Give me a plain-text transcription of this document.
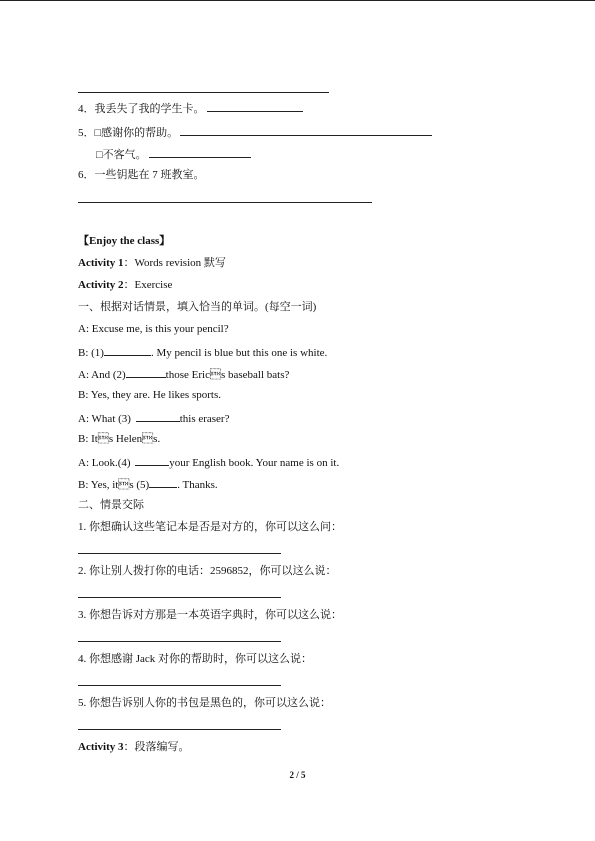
4．我丢失了我的学生卡。
5．□感谢你的帮助。
□不客气。
6．一些钥匙在 7 班教室。
【Enjoy the class】
Activity 1：Words revision 默写
Activity 2：Exercise
一、根据对话情景，填入恰当的单词。(每空一词)
A: Excuse me, is this your pencil?
B: (1)	. My pencil is blue but this one is white.
A: And (2)	those Erics baseball bats?
B: Yes, they are. He likes sports.
A: What (3)	this eraser?
B: Its Helens.
A: Look.(4)	your English book. Your name is on it.
B: Yes, its (5)	. Thanks.
二、情景交际
1. 你想确认这些笔记本是否是对方的，你可以这么问：
2. 你让别人拨打你的电话：2596852，你可以这么说：
3. 你想告诉对方那是一本英语字典时，你可以这么说：
4. 你想感谢 Jack 对你的帮助时，你可以这么说：
5. 你想告诉别人你的书包是黑色的，你可以这么说：
Activity 3：段落编写。
2 / 5
